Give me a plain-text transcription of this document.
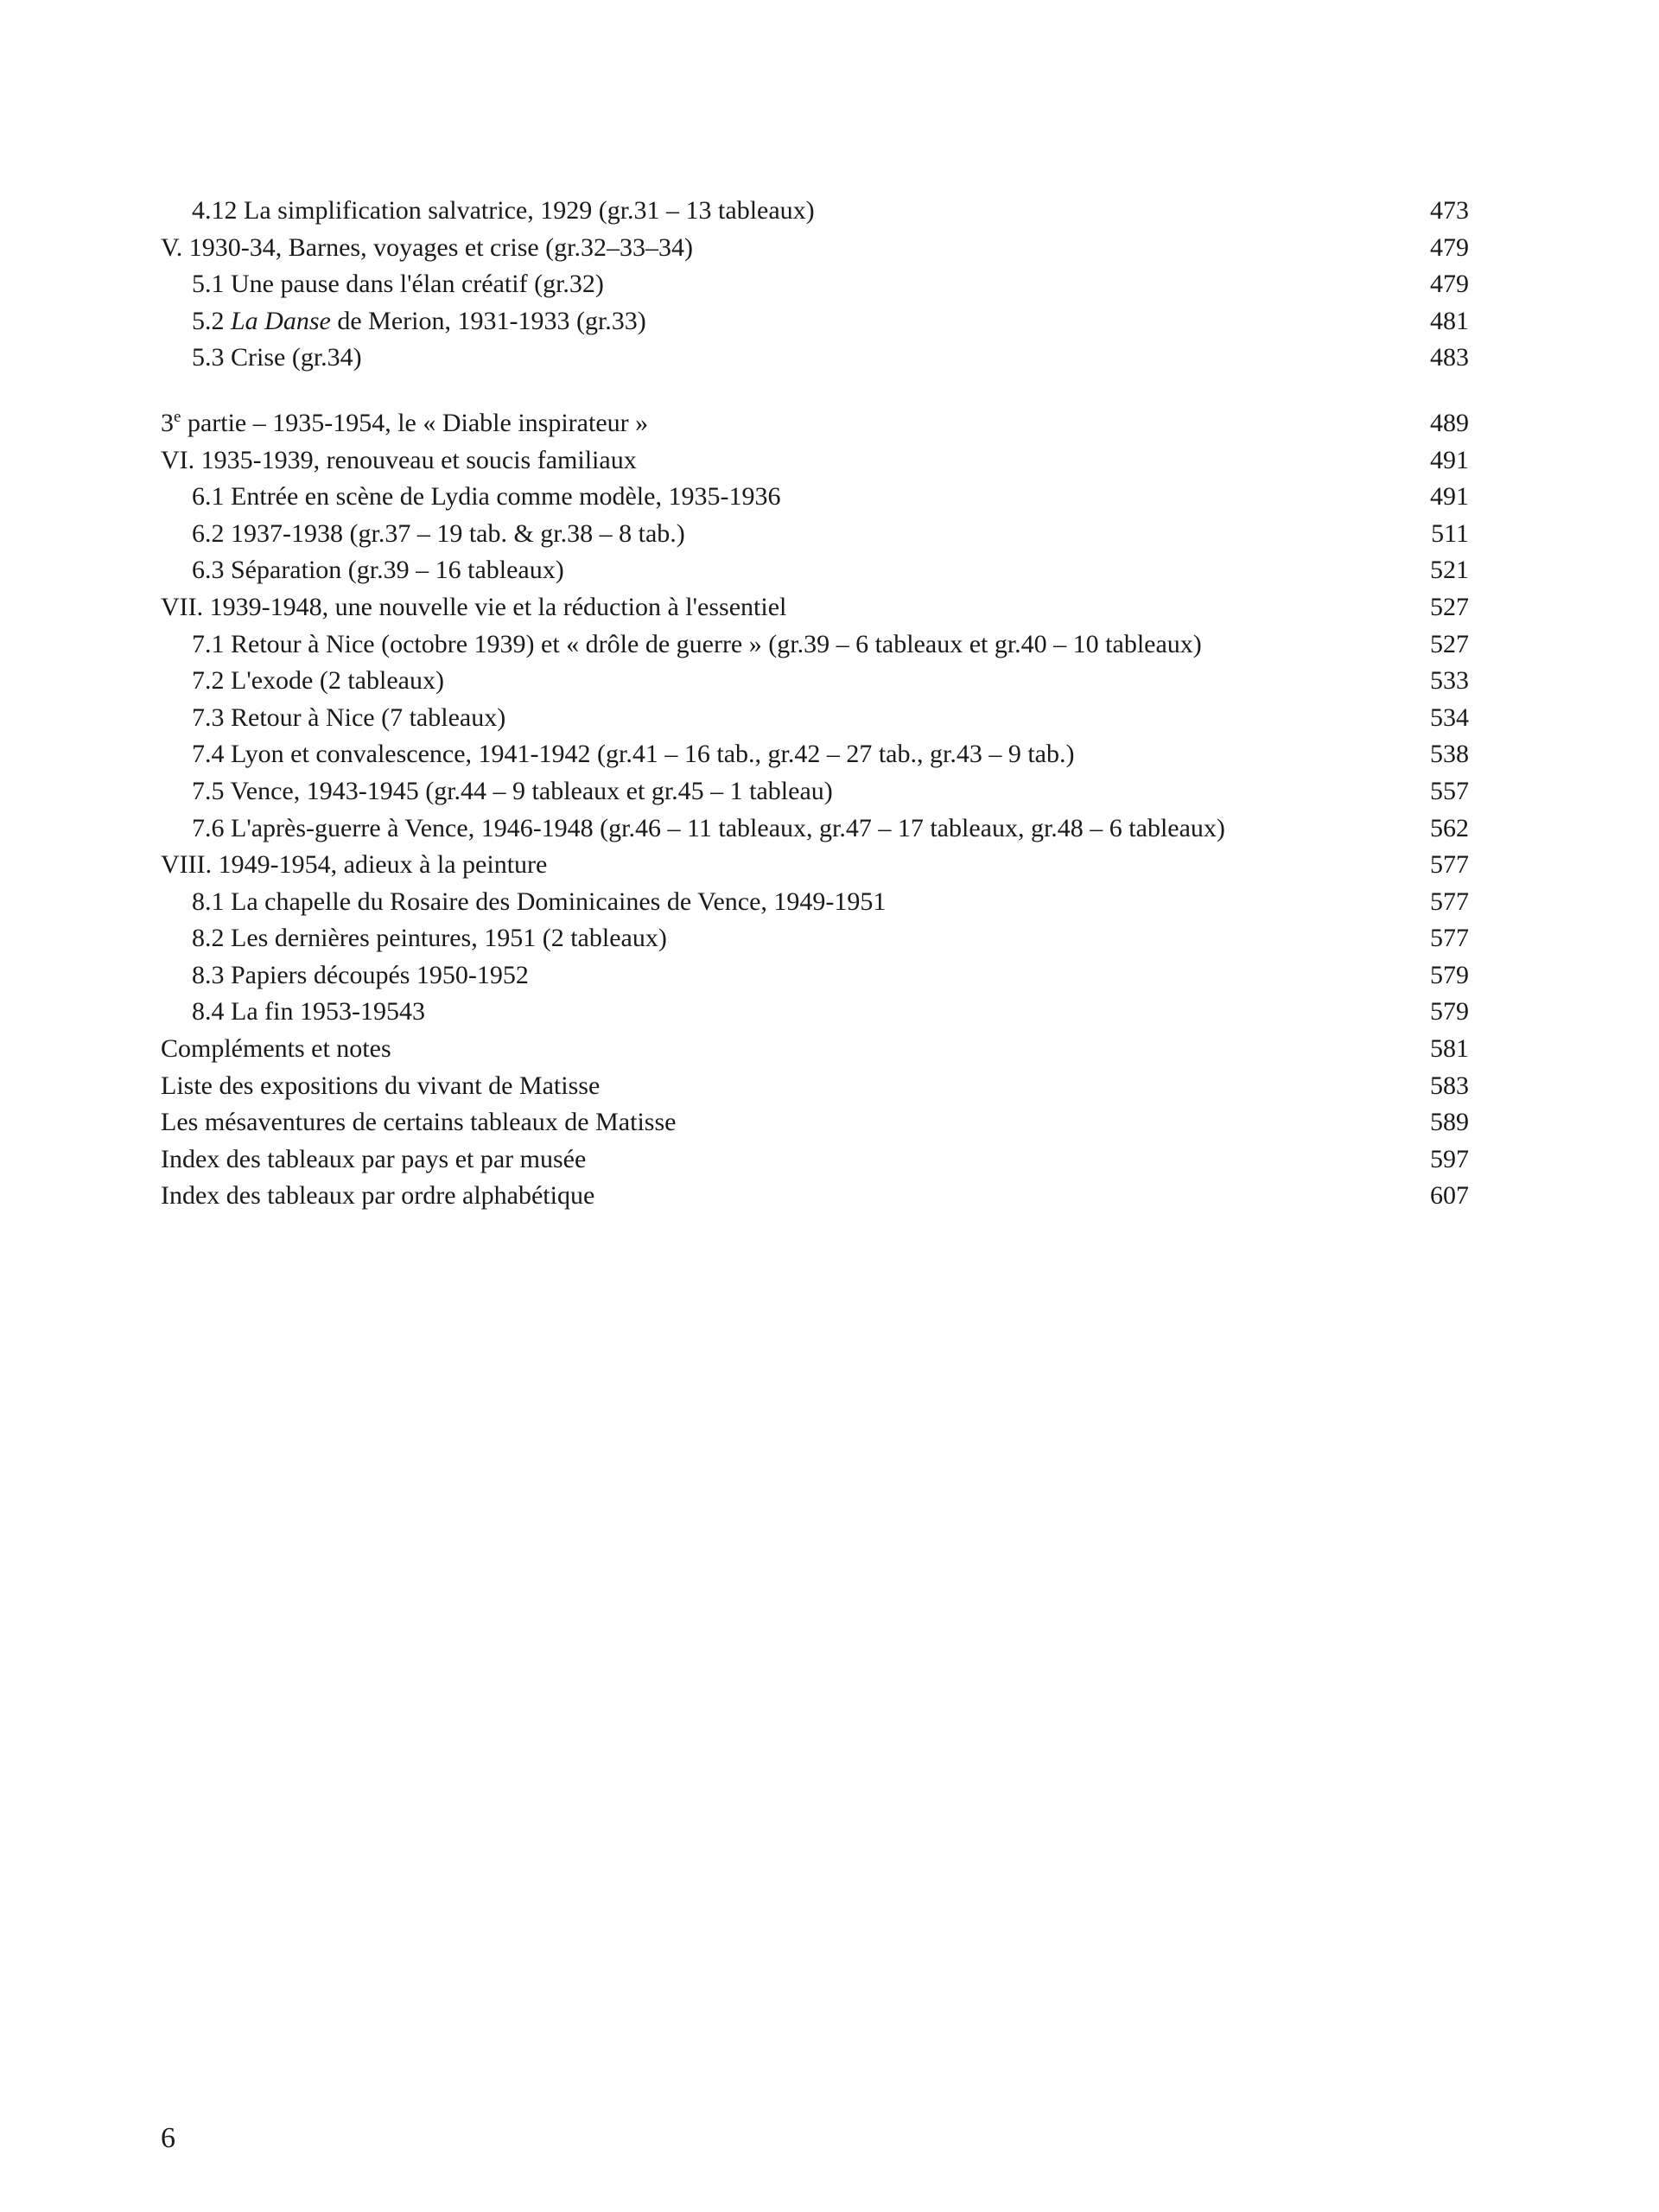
4.12 La simplification salvatrice, 1929 (gr.31 – 13 tableaux)	473
V. 1930-34, Barnes, voyages et crise (gr.32–33–34)	479
5.1 Une pause dans l'élan créatif (gr.32)	479
5.2 La Danse de Merion, 1931-1933 (gr.33)	481
5.3 Crise (gr.34)	483
3e partie – 1935-1954, le « Diable inspirateur »	489
VI. 1935-1939, renouveau et soucis familiaux	491
6.1 Entrée en scène de Lydia comme modèle, 1935-1936	491
6.2 1937-1938 (gr.37 – 19 tab. & gr.38 – 8 tab.)	511
6.3 Séparation (gr.39 – 16 tableaux)	521
VII. 1939-1948, une nouvelle vie et la réduction à l'essentiel	527
7.1 Retour à Nice (octobre 1939) et « drôle de guerre » (gr.39 – 6 tableaux et gr.40 – 10 tableaux)	527
7.2 L'exode (2 tableaux)	533
7.3 Retour à Nice (7 tableaux)	534
7.4 Lyon et convalescence, 1941-1942 (gr.41 – 16 tab., gr.42 – 27 tab., gr.43 – 9 tab.)	538
7.5 Vence, 1943-1945 (gr.44 – 9 tableaux et gr.45 – 1 tableau)	557
7.6 L'après-guerre à Vence, 1946-1948 (gr.46 – 11 tableaux, gr.47 – 17 tableaux, gr.48 – 6 tableaux)	562
VIII. 1949-1954, adieux à la peinture	577
8.1 La chapelle du Rosaire des Dominicaines de Vence, 1949-1951	577
8.2 Les dernières peintures, 1951 (2 tableaux)	577
8.3 Papiers découpés 1950-1952	579
8.4 La fin 1953-19543	579
Compléments et notes	581
Liste des expositions du vivant de Matisse	583
Les mésaventures de certains tableaux de Matisse	589
Index des tableaux par pays et par musée	597
Index des tableaux par ordre alphabétique	607
6
